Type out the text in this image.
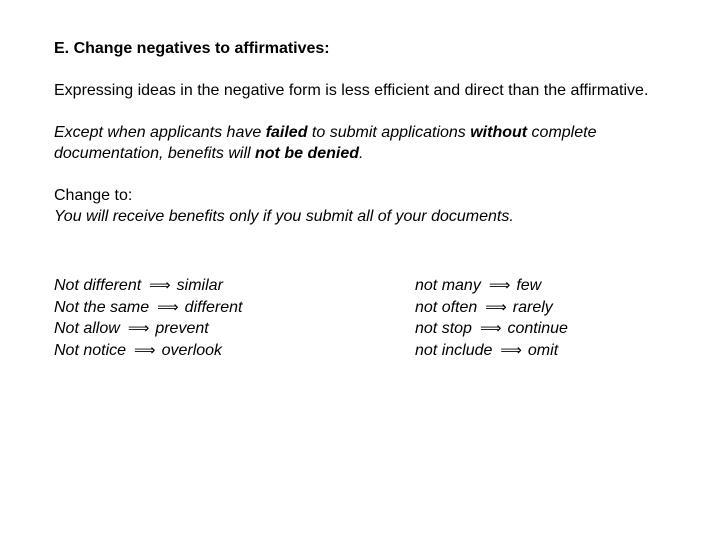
E. Change negatives to affirmatives:

Expressing ideas in the negative form is less efficient and direct than the affirmative.

Except when applicants have failed to submit applications without complete documentation, benefits will not be denied.

Change to:

You will receive benefits only if you submit all of your documents.

Not different ⟹ similar
Not the same ⟹ different
Not allow ⟹ prevent
Not notice ⟹ overlook
not many ⟹ few
not often ⟹ rarely
not stop ⟹ continue
not include ⟹ omit
